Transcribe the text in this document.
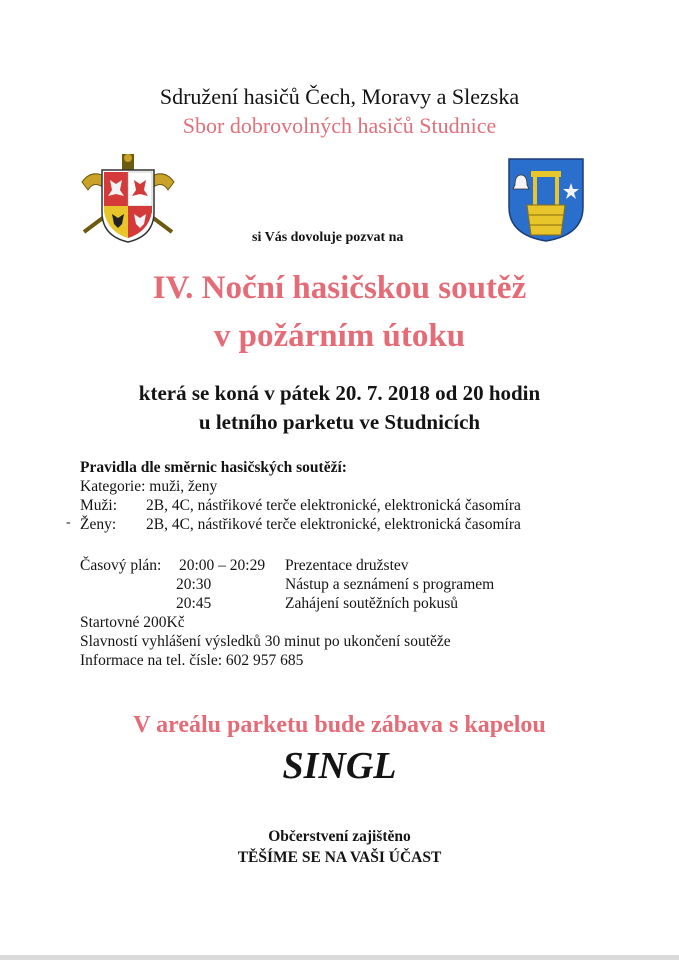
Sdružení hasičů Čech, Moravy a Slezska
Sbor dobrovolných hasičů Studnice
si Vás dovoluje pozvat na
IV. Noční hasičskou soutěž
v požárním útoku
která se koná v pátek 20. 7. 2018 od 20 hodin
u letního parketu ve Studnicích
Pravidla dle směrnic hasičských soutěží:
Kategorie: muži, ženy
Muži: 2B, 4C, nástřikové terče elektronické, elektronická časomíra
Ženy: 2B, 4C, nástřikové terče elektronické, elektronická časomíra
Časový plán: 20:00 – 20:29 Prezentace družstev
20:30	Nástup a seznámení s programem
20:45	Zahájení soutěžních pokusů
Startovné 200Kč
Slavností vyhlášení výsledků 30 minut po ukončení soutěže
Informace na tel. čísle: 602 957 685
-
V areálu parketu bude zábava s kapelou
SINGL
Občerstvení zajištěno
TĚŠÍME SE NA VAŠI ÚČAST
